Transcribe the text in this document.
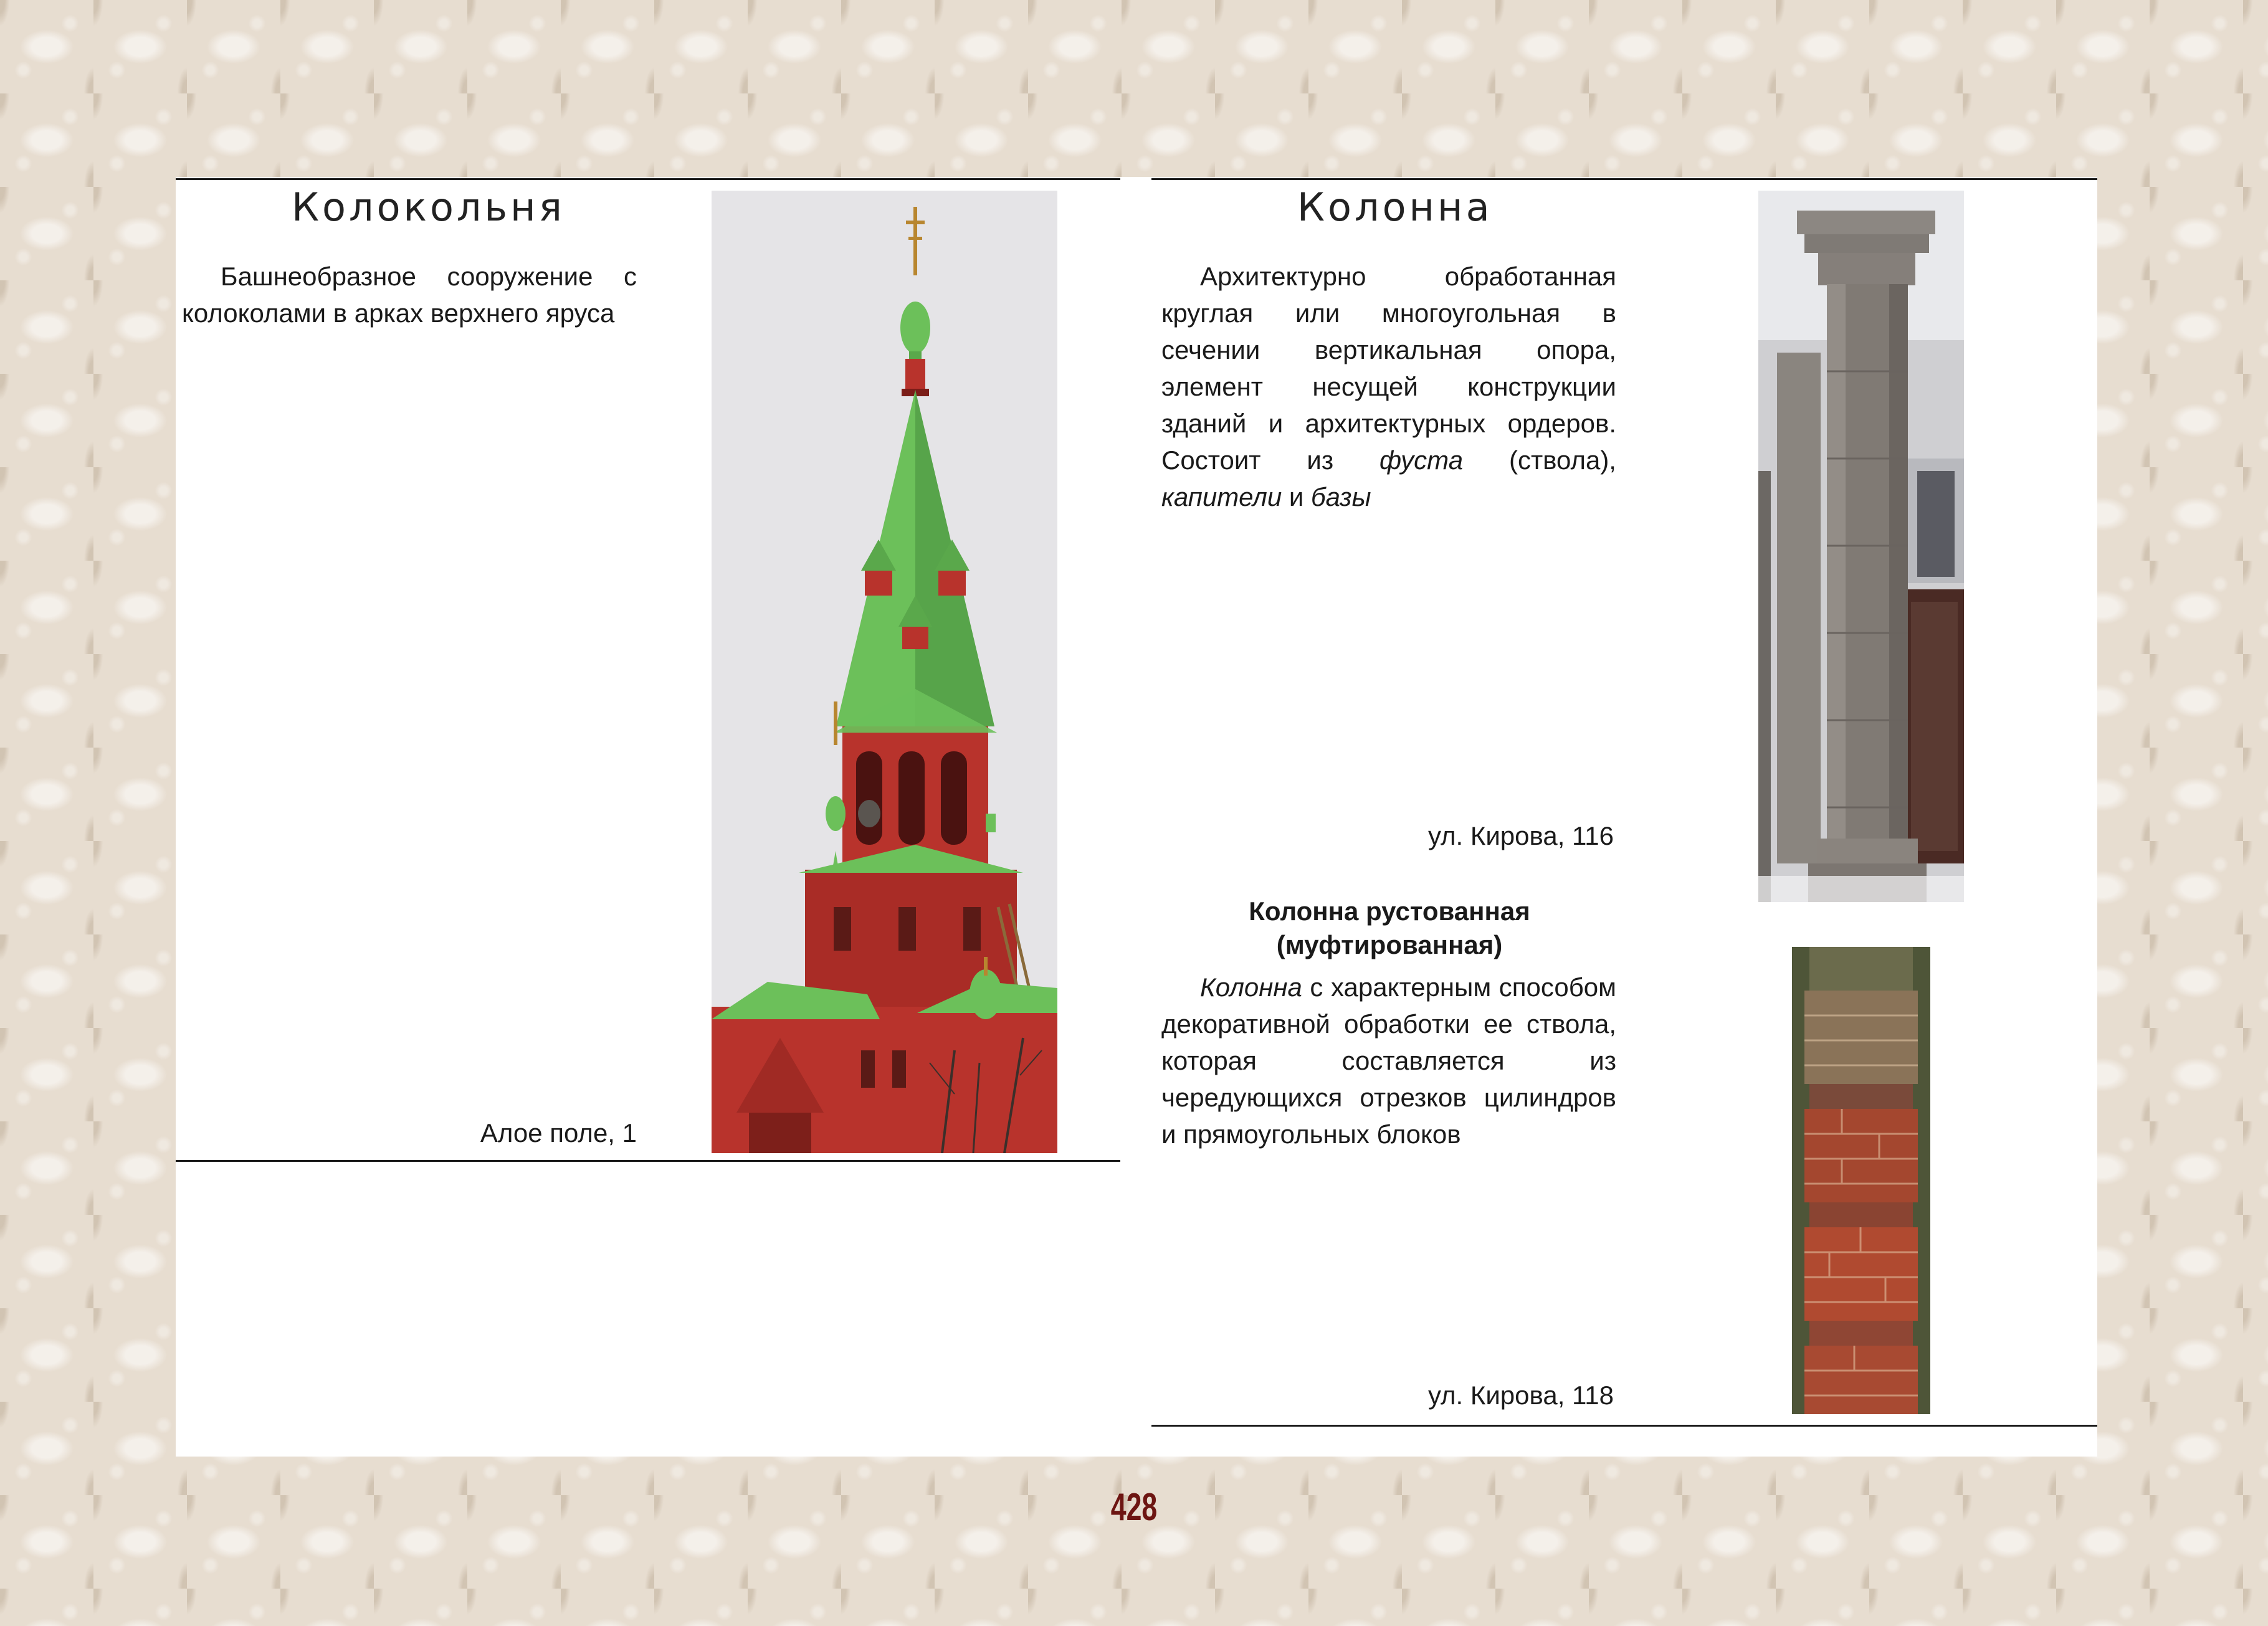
Колокольня
Башнеобразное сооружение с колоколами в арках верхнего яруса
Алое поле, 1
Колонна
Архитектурно обработанная круглая или многоугольная в сечении вертикальная опора, элемент несущей конструкции зданий и архитектурных ордеров. Состоит из фуста (ствола), капители и базы
ул. Кирова, 116
Колонна рустованная
(муфтированная)
Колонна с характерным способом декоративной обработки ее ствола, которая составляется из чередующихся отрезков цилиндров и прямоугольных блоков
ул. Кирова, 118
428
